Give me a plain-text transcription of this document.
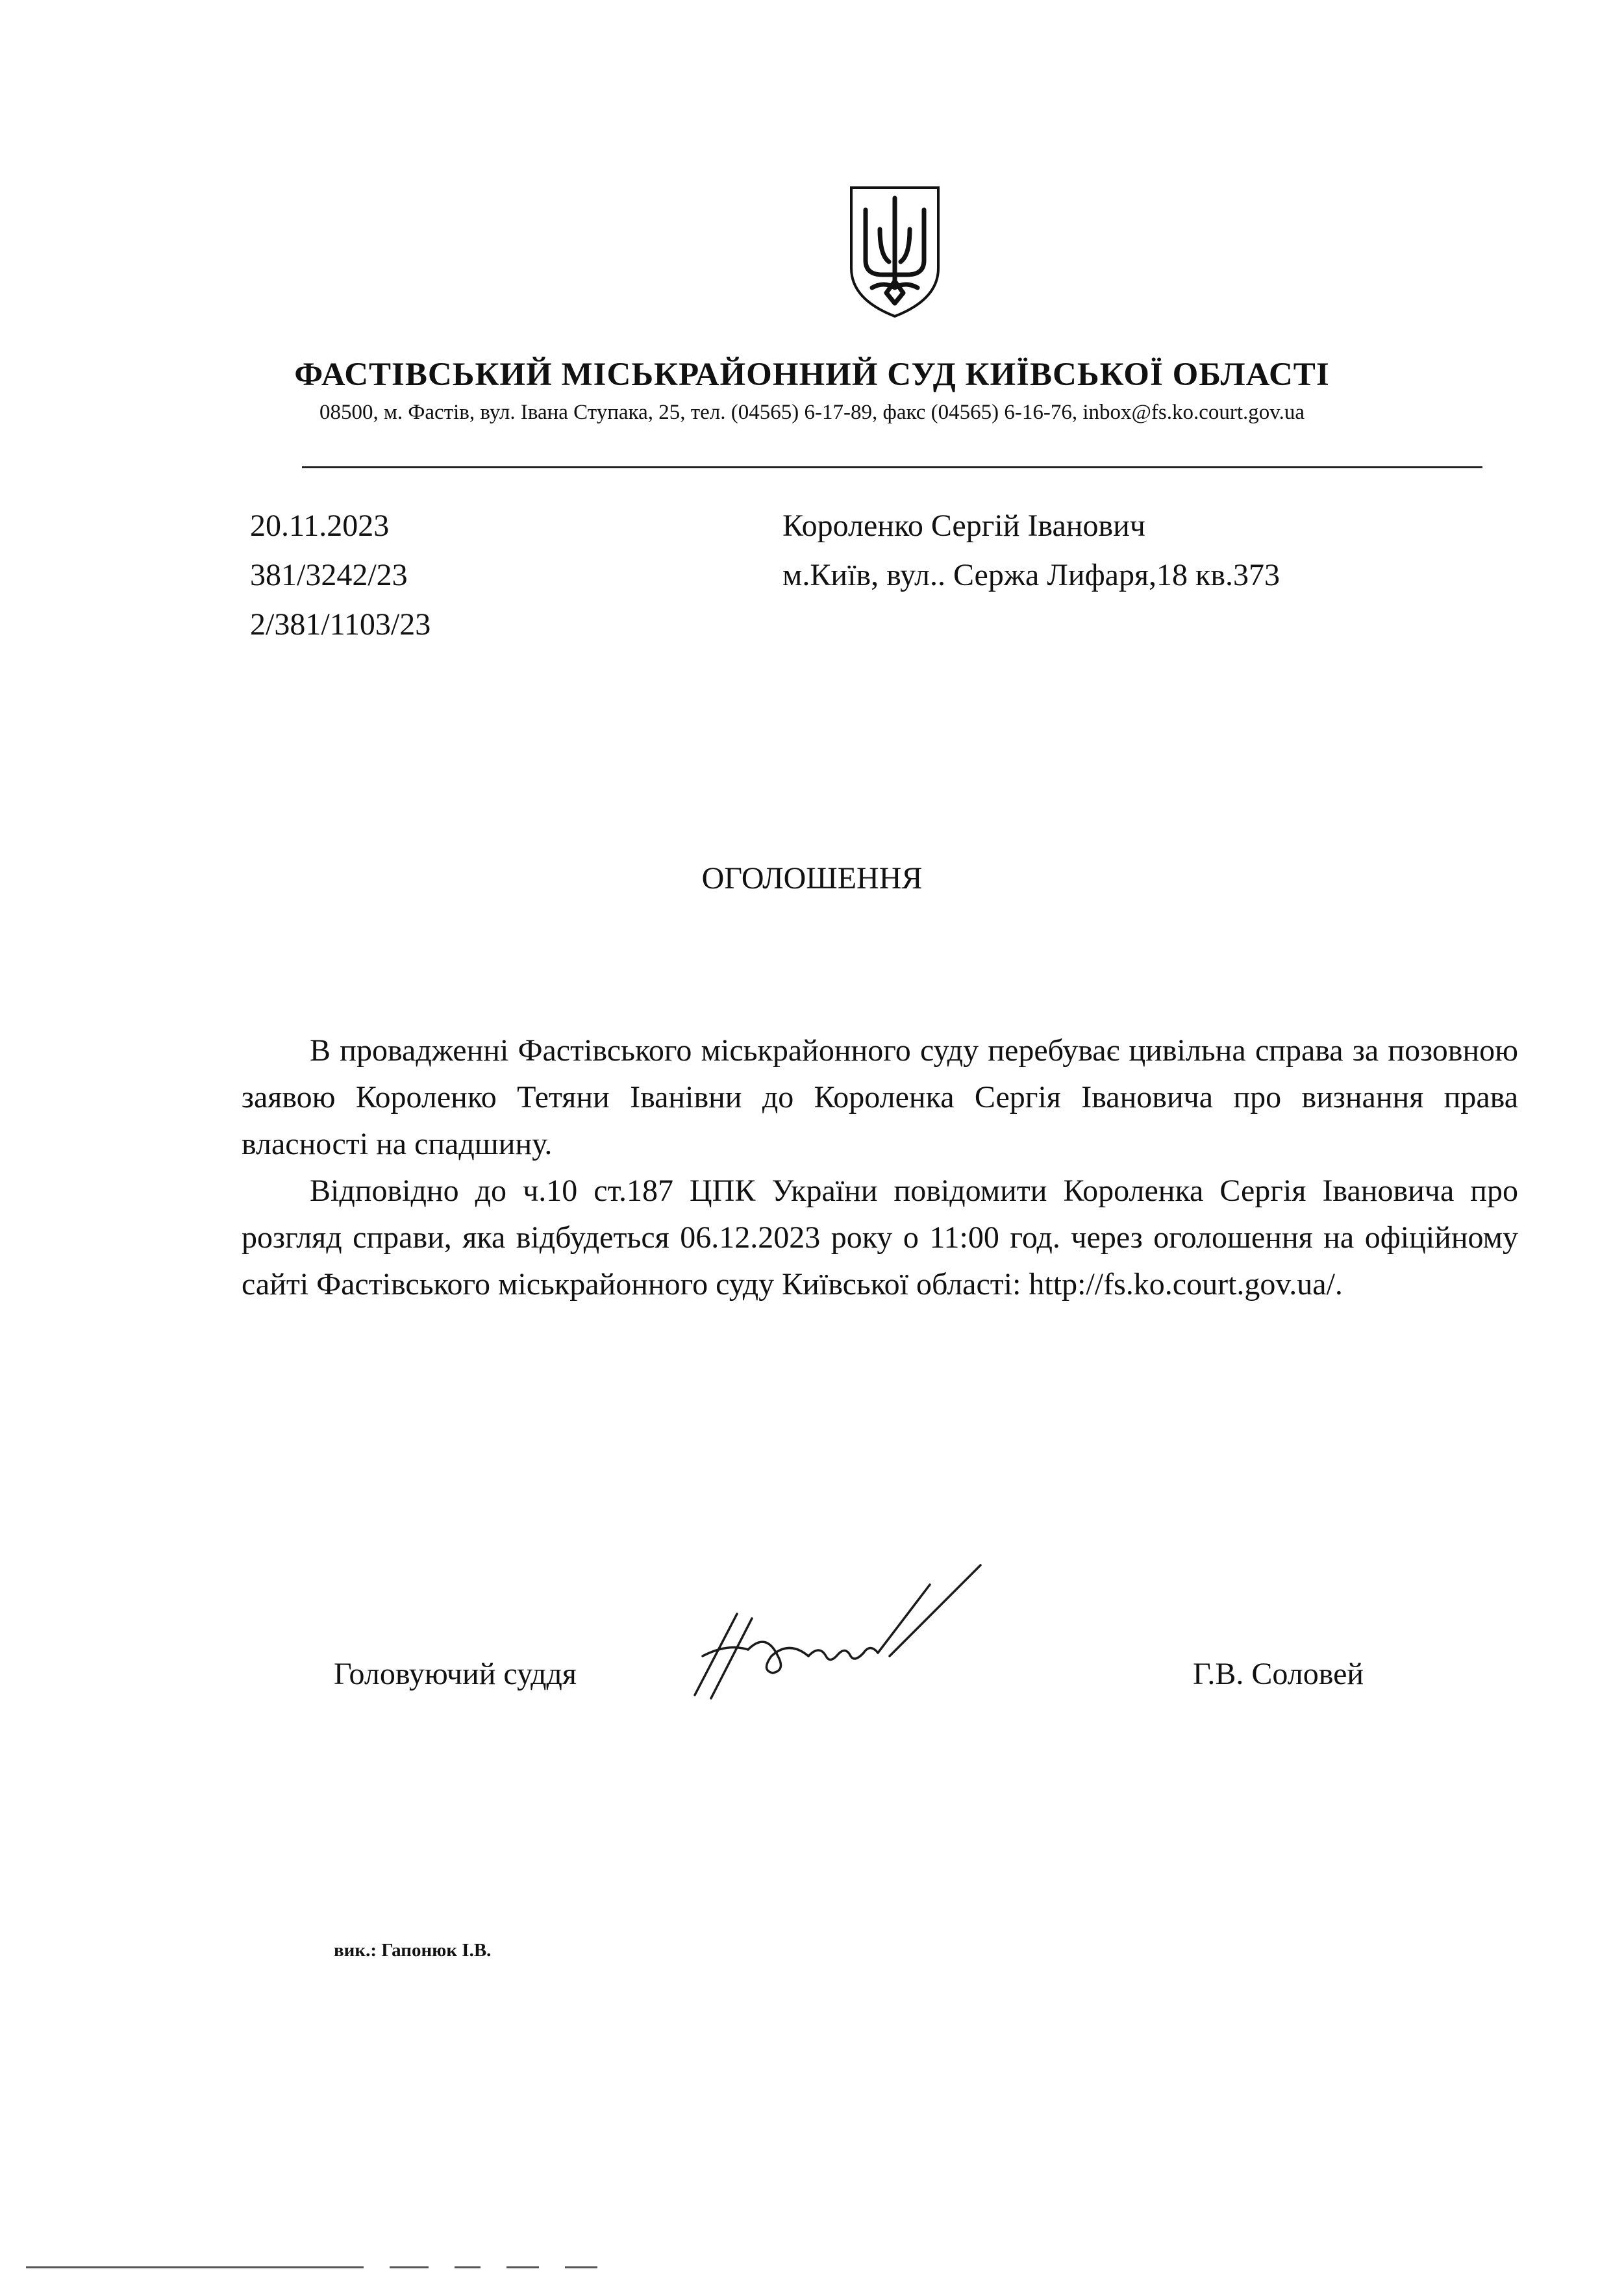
ФАСТІВСЬКИЙ МІСЬКРАЙОННИЙ СУД КИЇВСЬКОЇ ОБЛАСТІ
08500, м. Фастів, вул. Івана Ступака, 25, тел. (04565) 6-17-89, факс (04565) 6-16-76, inbox@fs.ko.court.gov.ua
20.11.2023
381/3242/23
2/381/1103/23
Короленко Сергій Іванович
м.Київ, вул.. Сержа Лифаря,18 кв.373
ОГОЛОШЕННЯ

В провадженні Фастівського міськрайонного суду перебуває цивільна справа за позовною заявою Короленко Тетяни Іванівни до Короленка Сергія Івановича про визнання права власності на спадшину.

Відповідно до ч.10 ст.187 ЦПК України повідомити Короленка Сергія Івановича про розгляд справи, яка відбудеться 06.12.2023 року о 11:00 год. через оголошення на офіційному сайті Фастівського міськрайонного суду Київської області: http://fs.ko.court.gov.ua/.

Головуючий суддя	Г.В. Соловей
вик.: Гапонюк І.В.
